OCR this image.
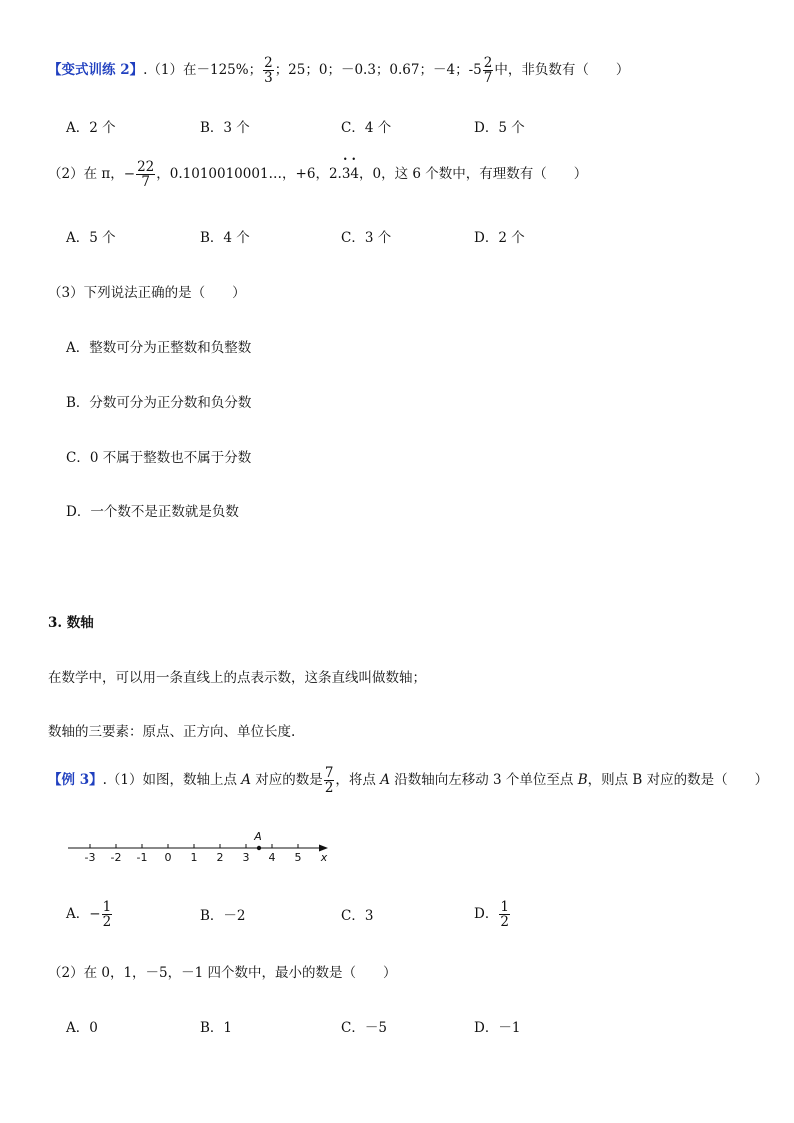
【变式训练 2】.（1）在－125%； $\frac{2}{3}$ ；25；0；－0.3；0.67；－4；$-5 \frac{2}{7}$ 中，非负数有（　　）
A．2 个	B．3 个	C．4 个	D．5 个
（2）在 π，− $\frac{22}{7}$ ，0.1010010001…，+6，2.• 3• 4，0，这 6 个数中，有理数有（　　）
A．5 个	B．4 个	C．3 个	D．2 个
（3）下列说法正确的是（　　）
A．整数可分为正整数和负整数
B．分数可分为正分数和负分数
C．0 不属于整数也不属于分数
D．一个数不是正数就是负数
3. 数轴
在数学中，可以用一条直线上的点表示数，这条直线叫做数轴；
数轴的三要素：原点、正方向、单位长度.
【例 3】.（1）如图，数轴上点 A 对应的数是 $\frac{7}{2}$ ，将点 A 沿数轴向左移动 3 个单位至点 B，则点 B 对应的数是（　　）
-3 -2 -1 0 1 2 3 4 5
A
x
A．− $\frac{1}{2}$	B．－2	C．3	D． $\frac{1}{2}$
（2）在 0，1，－5，－1 四个数中，最小的数是（　　）
A．0	B．1	C．－5	D．－1
